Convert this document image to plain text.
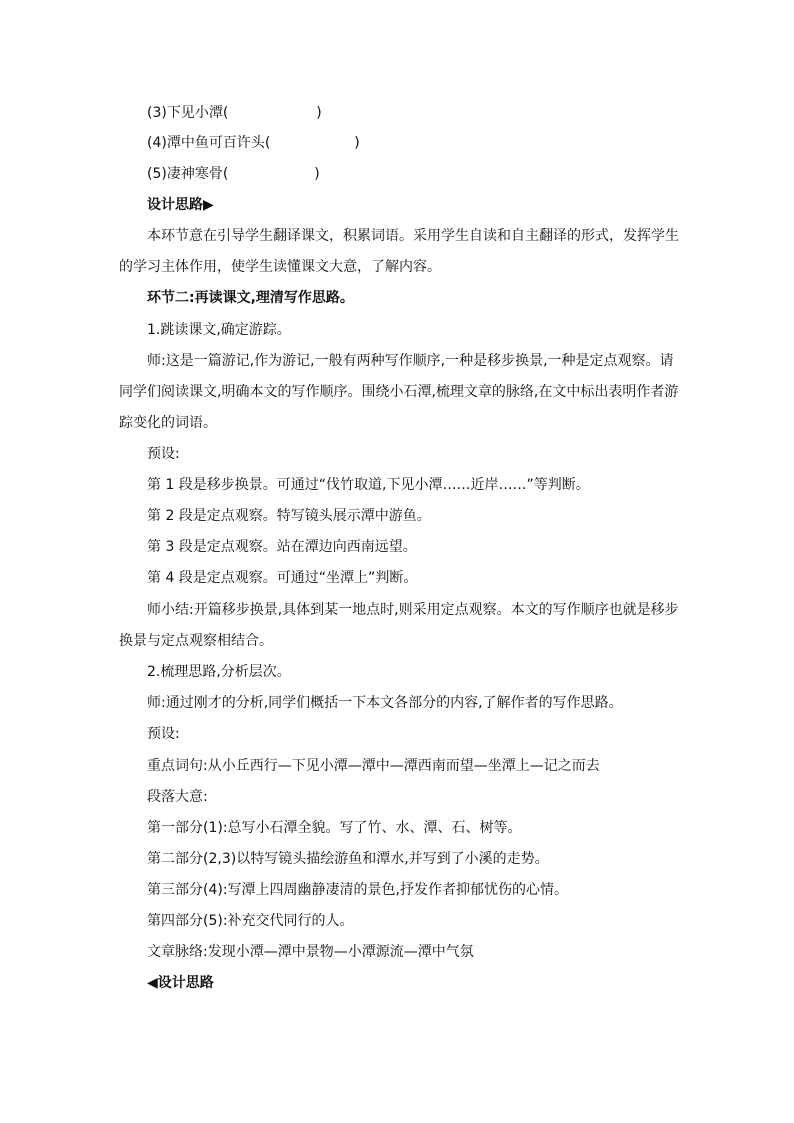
(3)下见小潭(	)
(4)潭中鱼可百许头(	)
(5)凄神寒骨(	)
设计思路▶
本环节意在引导学生翻译课文，积累词语。采用学生自读和自主翻译的形式，发挥学生
的学习主体作用，使学生读懂课文大意，了解内容。
环节二:再读课文,理清写作思路。
1.跳读课文,确定游踪。
师:这是一篇游记,作为游记,一般有两种写作顺序,一种是移步换景,一种是定点观察。请
同学们阅读课文,明确本文的写作顺序。围绕小石潭,梳理文章的脉络,在文中标出表明作者游
踪变化的词语。
预设:
第 1 段是移步换景。可通过“伐竹取道,下见小潭……近岸……”等判断。
第 2 段是定点观察。特写镜头展示潭中游鱼。
第 3 段是定点观察。站在潭边向西南远望。
第 4 段是定点观察。可通过“坐潭上”判断。
师小结:开篇移步换景,具体到某一地点时,则采用定点观察。本文的写作顺序也就是移步
换景与定点观察相结合。
2.梳理思路,分析层次。
师:通过刚才的分析,同学们概括一下本文各部分的内容,了解作者的写作思路。
预设:
重点词句:从小丘西行—下见小潭—潭中—潭西南而望—坐潭上—记之而去
段落大意:
第一部分(1):总写小石潭全貌。写了竹、水、潭、石、树等。
第二部分(2,3)以特写镜头描绘游鱼和潭水,并写到了小溪的走势。
第三部分(4):写潭上四周幽静凄清的景色,抒发作者抑郁忧伤的心情。
第四部分(5):补充交代同行的人。
文章脉络:发现小潭—潭中景物—小潭源流—潭中气氛
◀设计思路
